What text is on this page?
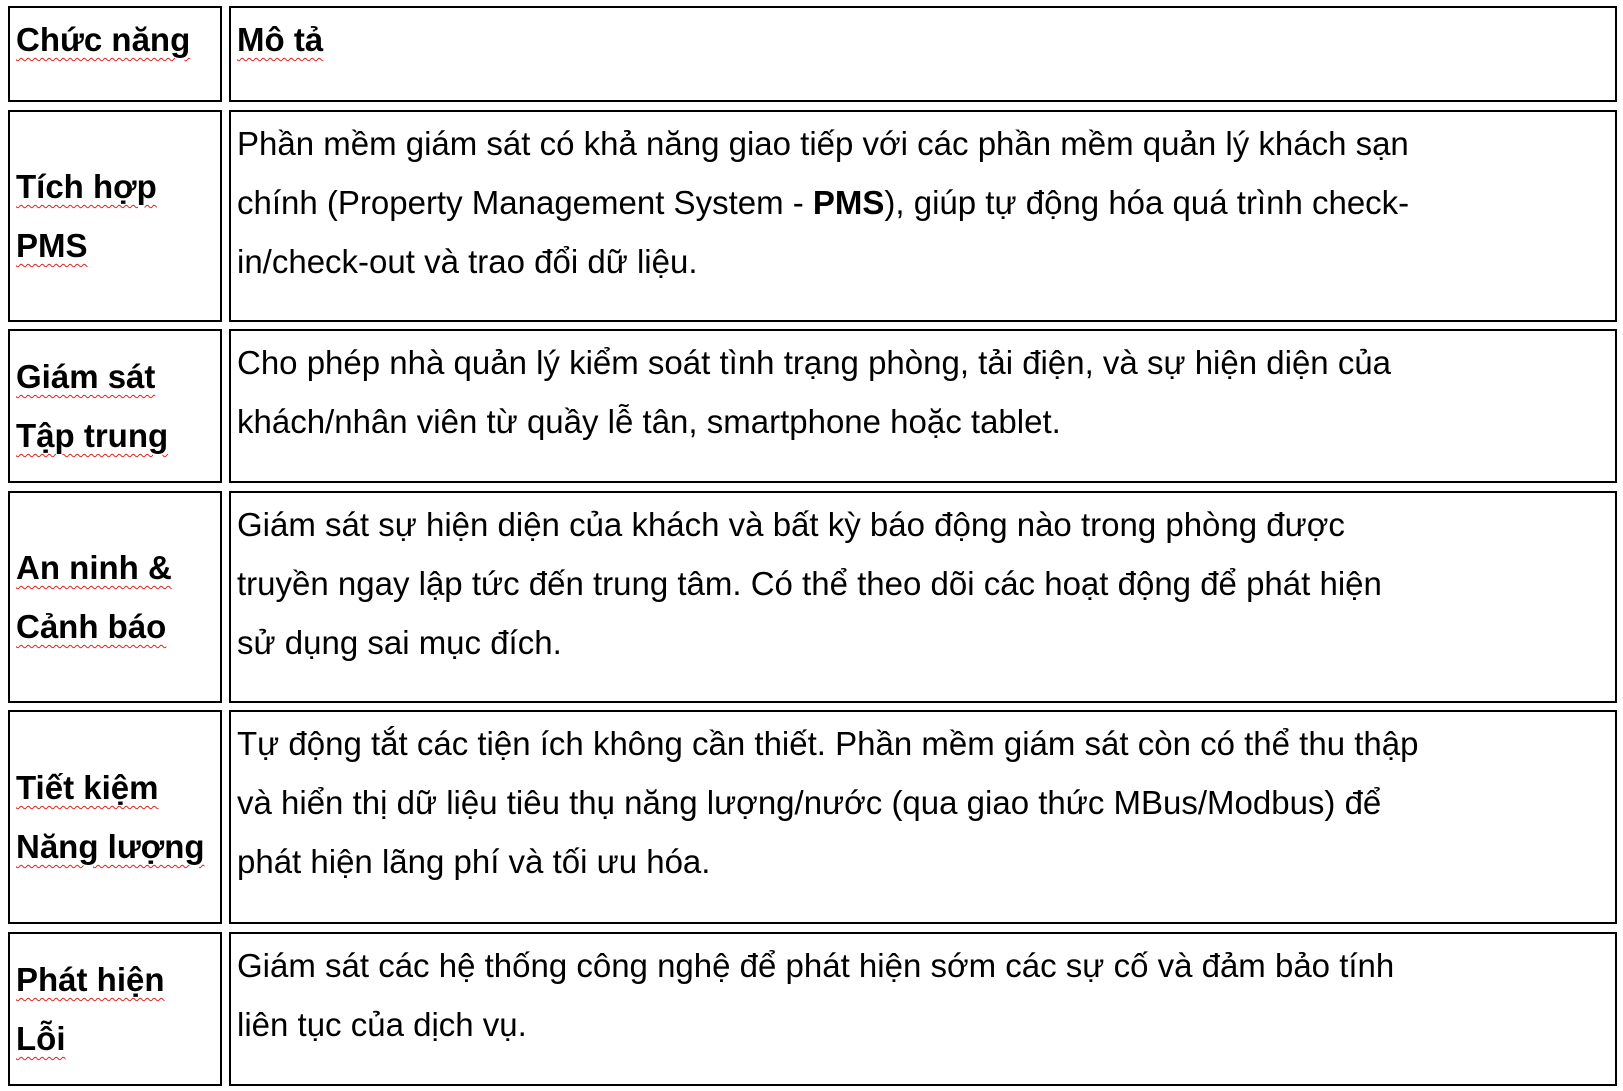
Chức năng	Mô tả
Tích hợp
PMS
Phần mềm giám sát có khả năng giao tiếp với các phần mềm quản lý khách sạn
chính (Property Management System - PMS), giúp tự động hóa quá trình check-
in/check-out và trao đổi dữ liệu.
Giám sát
Tập trung
Cho phép nhà quản lý kiểm soát tình trạng phòng, tải điện, và sự hiện diện của
khách/nhân viên từ quầy lễ tân, smartphone hoặc tablet.
An ninh &
Cảnh báo
Giám sát sự hiện diện của khách và bất kỳ báo động nào trong phòng được
truyền ngay lập tức đến trung tâm. Có thể theo dõi các hoạt động để phát hiện
sử dụng sai mục đích.
Tiết kiệm
Năng lượng
Tự động tắt các tiện ích không cần thiết. Phần mềm giám sát còn có thể thu thập
và hiển thị dữ liệu tiêu thụ năng lượng/nước (qua giao thức MBus/Modbus) để
phát hiện lãng phí và tối ưu hóa.
Phát hiện
Lỗi
Giám sát các hệ thống công nghệ để phát hiện sớm các sự cố và đảm bảo tính
liên tục của dịch vụ.
